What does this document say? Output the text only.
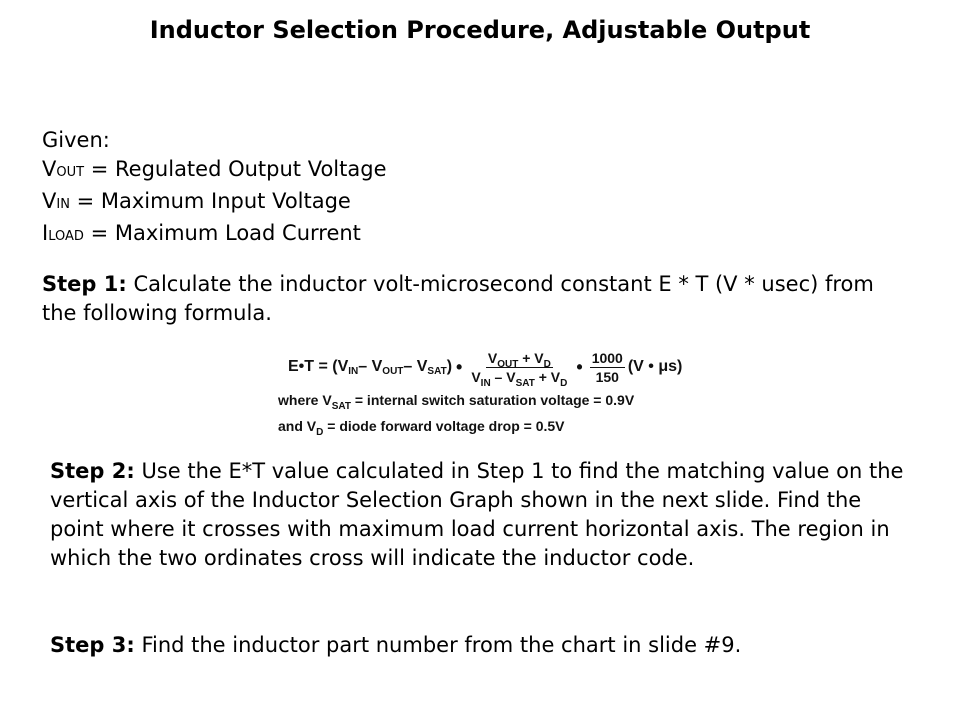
Inductor Selection Procedure, Adjustable Output
Given:
VOUT = Regulated Output Voltage
VIN = Maximum Input Voltage
ILOAD = Maximum Load Current
Step 1: Calculate the inductor volt-microsecond constant E * T (V * usec) from the following formula.
E•T = (V IN – V OUT – V SAT ) • $\frac{V_{OUT} + V_D}{V_{IN} - V_{SAT} + V_D}$ • $\frac{1000}{150} (V$ • μs)
where $V_{SAT}$ = internal switch saturation voltage = 0.9V
and $V_D$ = diode forward voltage drop = 0.5V
Step 2: Use the E*T value calculated in Step 1 to find the matching value on the vertical axis of the Inductor Selection Graph shown in the next slide. Find the point where it crosses with maximum load current horizontal axis. The region in which the two ordinates cross will indicate the inductor code.
Step 3: Find the inductor part number from the chart in slide #9.
